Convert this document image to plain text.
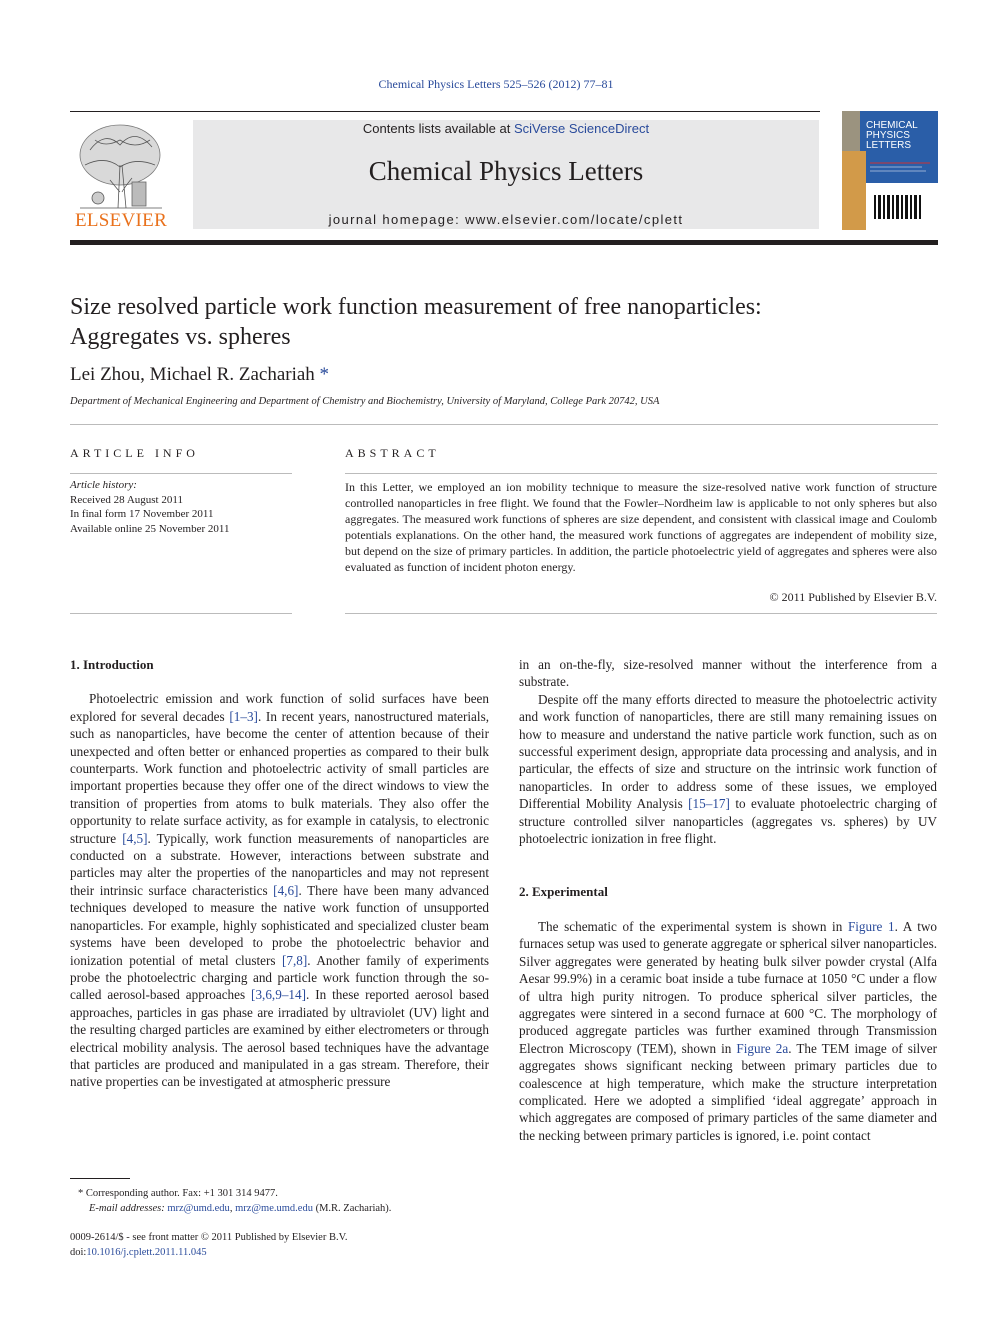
Chemical Physics Letters 525–526 (2012) 77–81
ELSEVIER
Contents lists available at SciVerse ScienceDirect
Chemical Physics Letters
journal homepage: www.elsevier.com/locate/cplett
CHEMICAL
PHYSICS
LETTERS
Size resolved particle work function measurement of free nanoparticles:
Aggregates vs. spheres
Lei Zhou, Michael R. Zachariah *
Department of Mechanical Engineering and Department of Chemistry and Biochemistry, University of Maryland, College Park 20742, USA
ARTICLE INFO
Article history:
Received 28 August 2011
In final form 17 November 2011
Available online 25 November 2011
ABSTRACT
In this Letter, we employed an ion mobility technique to measure the size-resolved native work function of structure controlled nanoparticles in free flight. We found that the Fowler–Nordheim law is applicable to not only spheres but also aggregates. The measured work functions of spheres are size dependent, and consistent with classical image and Coulomb potentials explanations. On the other hand, the measured work functions of aggregates are independent of mobility size, but depend on the size of primary particles. In addition, the particle photoelectric yield of aggregates and spheres were also evaluated as function of incident photon energy.
© 2011 Published by Elsevier B.V.
1. Introduction

Photoelectric emission and work function of solid surfaces have been explored for several decades [1–3]. In recent years, nanostructured materials, such as nanoparticles, have become the center of attention because of their unexpected and often better or enhanced properties as compared to their bulk counterparts. Work function and photoelectric activity of small particles are important properties because they offer one of the direct windows to view the transition of properties from atoms to bulk materials. They also offer the opportunity to relate surface activity, as for example in catalysis, to electronic structure [4,5]. Typically, work function measurements of nanoparticles are conducted on a substrate. However, interactions between substrate and particles may alter the properties of the nanoparticles and may not represent their intrinsic surface characteristics [4,6]. There have been many advanced techniques developed to measure the native work function of unsupported nanoparticles. For example, highly sophisticated and specialized cluster beam systems have been developed to probe the photoelectric behavior and ionization potential of metal clusters [7,8]. Another family of experiments probe the photoelectric charging and particle work function through the so-called aerosol-based approaches [3,6,9–14]. In these reported aerosol based approaches, particles in gas phase are irradiated by ultraviolet (UV) light and the resulting charged particles are examined by either electrometers or through electrical mobility analysis. The aerosol based techniques have the advantage that particles are produced and manipulated in a gas stream. Therefore, their native properties can be investigated at atmospheric pressure

* Corresponding author. Fax: +1 301 314 9477.
E-mail addresses: mrz@umd.edu, mrz@me.umd.edu (M.R. Zachariah).
0009-2614/$ - see front matter © 2011 Published by Elsevier B.V.
doi:10.1016/j.cplett.2011.11.045

in an on-the-fly, size-resolved manner without the interference from a substrate.

Despite off the many efforts directed to measure the photoelectric activity and work function of nanoparticles, there are still many remaining issues on how to measure and understand the native particle work function, such as on successful experiment design, appropriate data processing and analysis, and in particular, the effects of size and structure on the intrinsic work function of nanoparticles. In order to address some of these issues, we employed Differential Mobility Analysis [15–17] to evaluate photoelectric charging of structure controlled silver nanoparticles (aggregates vs. spheres) by UV photoelectric ionization in free flight.

2. Experimental

The schematic of the experimental system is shown in Figure 1. A two furnaces setup was used to generate aggregate or spherical silver nanoparticles. Silver aggregates were generated by heating bulk silver powder crystal (Alfa Aesar 99.9%) in a ceramic boat inside a tube furnace at 1050 °C under a flow of ultra high purity nitrogen. To produce spherical silver particles, the aggregates were sintered in a second furnace at 600 °C. The morphology of produced aggregate particles was further examined through Transmission Electron Microscopy (TEM), shown in Figure 2a. The TEM image of silver aggregates shows significant necking between primary particles due to coalescence at high temperature, which make the structure interpretation complicated. Here we adopted a simplified ‘ideal aggregate’ approach in which aggregates are composed of primary particles of the same diameter and the necking between primary particles is ignored, i.e. point contact
